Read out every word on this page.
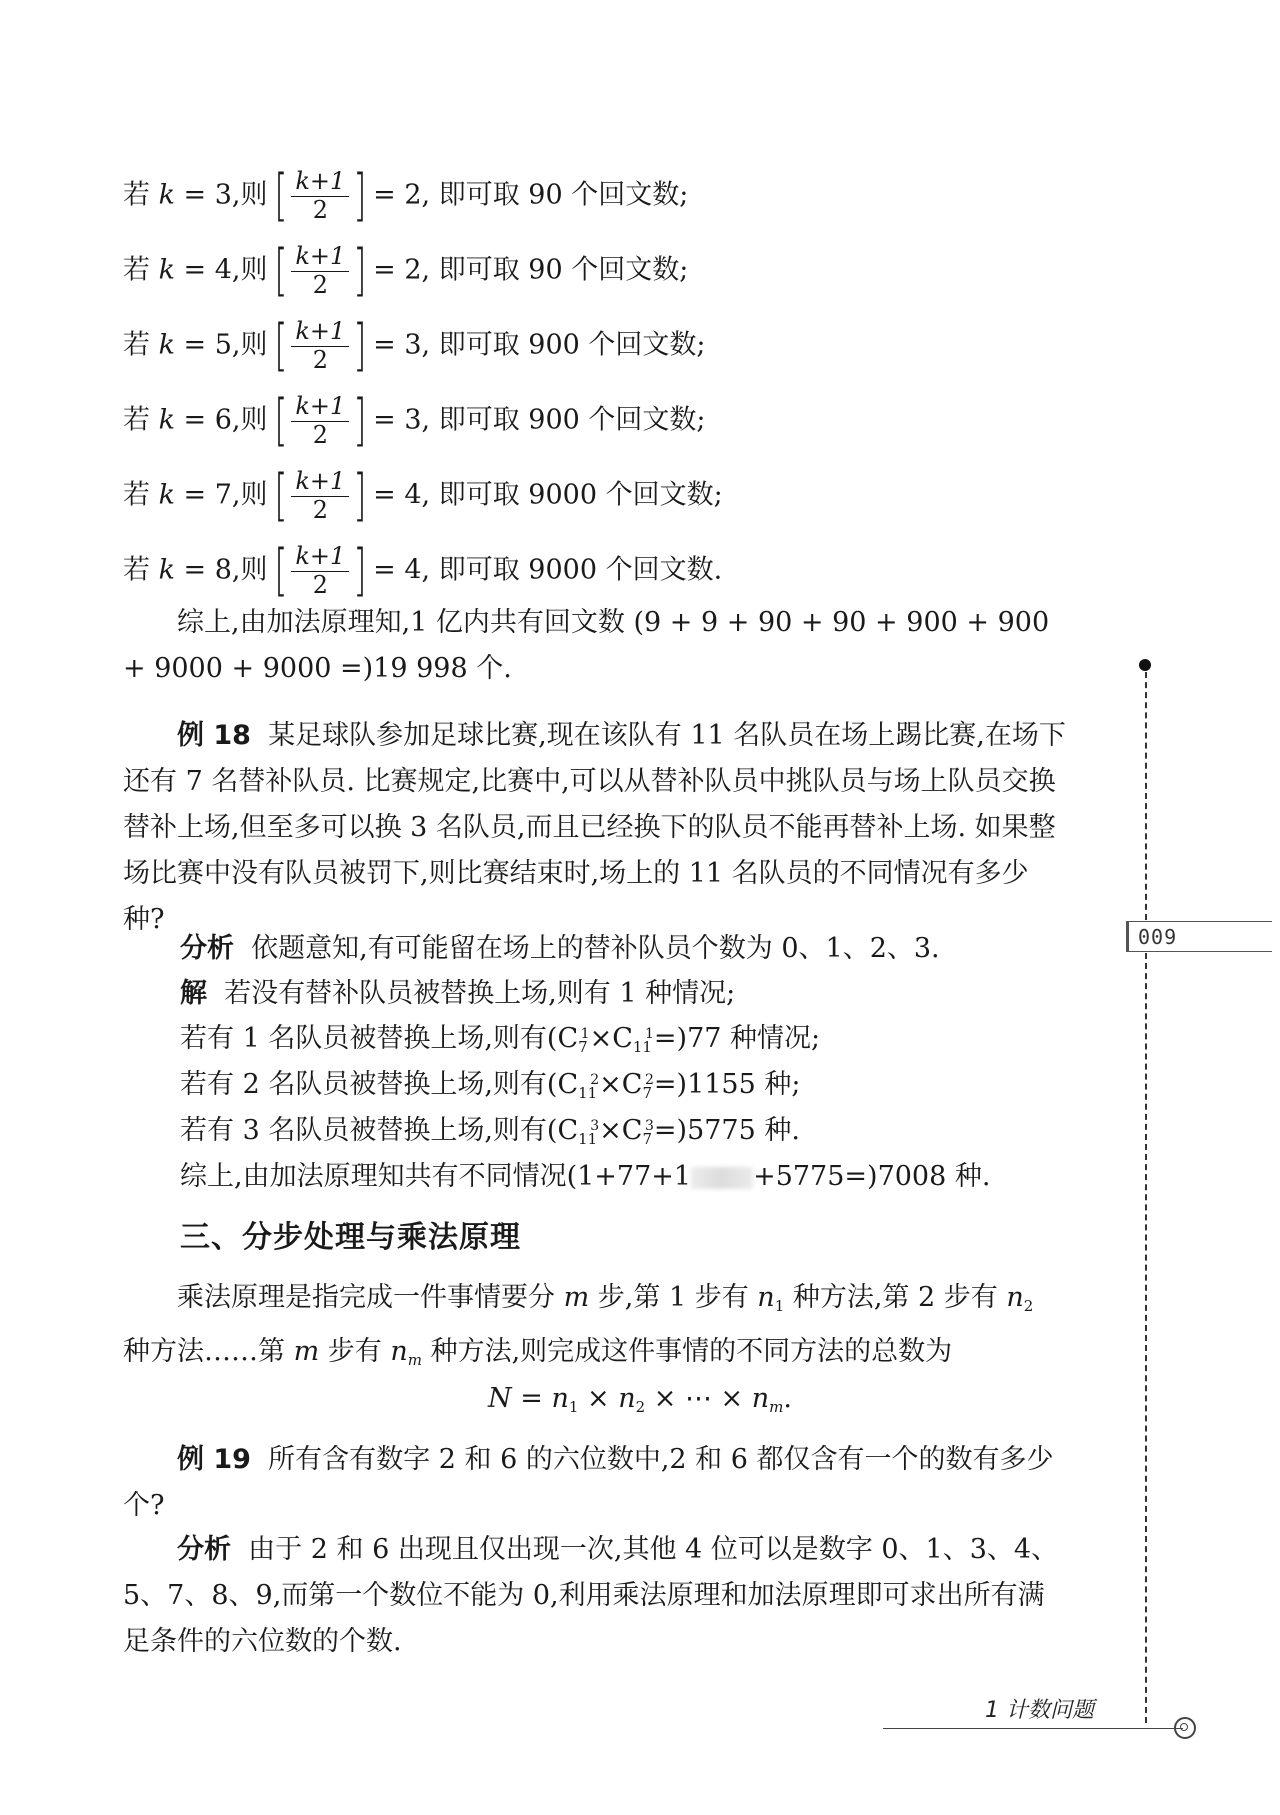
若 k = 3,则 [ $\frac{k+1}{2}$ ] = 2, 即可取 90 个回文数;
若 k = 4,则 [ $\frac{k+1}{2}$ ] = 2, 即可取 90 个回文数;
若 k = 5,则 [ $\frac{k+1}{2}$ ] = 3, 即可取 900 个回文数;
若 k = 6,则 [ $\frac{k+1}{2}$ ] = 3, 即可取 900 个回文数;
若 k = 7,则 [ $\frac{k+1}{2}$ ] = 4, 即可取 9000 个回文数;
若 k = 8,则 [ $\frac{k+1}{2}$ ] = 4, 即可取 9000 个回文数.
综上,由加法原理知,1 亿内共有回文数 (9 + 9 + 90 + 90 + 900 + 900 + 9000 + 9000 =)19 998 个.
例 18 某足球队参加足球比赛,现在该队有 11 名队员在场上踢比赛,在场下还有 7 名替补队员. 比赛规定,比赛中,可以从替补队员中挑队员与场上队员交换替补上场,但至多可以换 3 名队员,而且已经换下的队员不能再替补上场. 如果整场比赛中没有队员被罚下,则比赛结束时,场上的 11 名队员的不同情况有多少种?
分析 依题意知,有可能留在场上的替补队员个数为 0、1、2、3.
解 若没有替补队员被替换上场,则有 1 种情况;
若有 1 名队员被替换上场,则有$(C_7^1\times C_{11}^1=)77$ 种情况;
若有 2 名队员被替换上场,则有$(C_{11}^2\times C_7^2=)1155$ 种;
若有 3 名队员被替换上场,则有$(C_{11}^3\times C_7^3=)5775$ 种.
综上,由加法原理知共有不同情况(1+77+1 +5775=)7008 种.
三、分步处理与乘法原理
乘法原理是指完成一件事情要分 m 步,第 1 步有 $n_1$ 种方法,第 2 步有 $n_2$ 种方法……第 m 步有 $n_m$ 种方法,则完成这件事情的不同方法的总数为
$N = n_1 \times n_2$ × ⋯ × $n_m$.
例 19 所有含有数字 2 和 6 的六位数中,2 和 6 都仅含有一个的数有多少个?
分析 由于 2 和 6 出现且仅出现一次,其他 4 位可以是数字 0、1、3、4、5、7、8、9,而第一个数位不能为 0,利用乘法原理和加法原理即可求出所有满足条件的六位数的个数.
009
1 计数问题
